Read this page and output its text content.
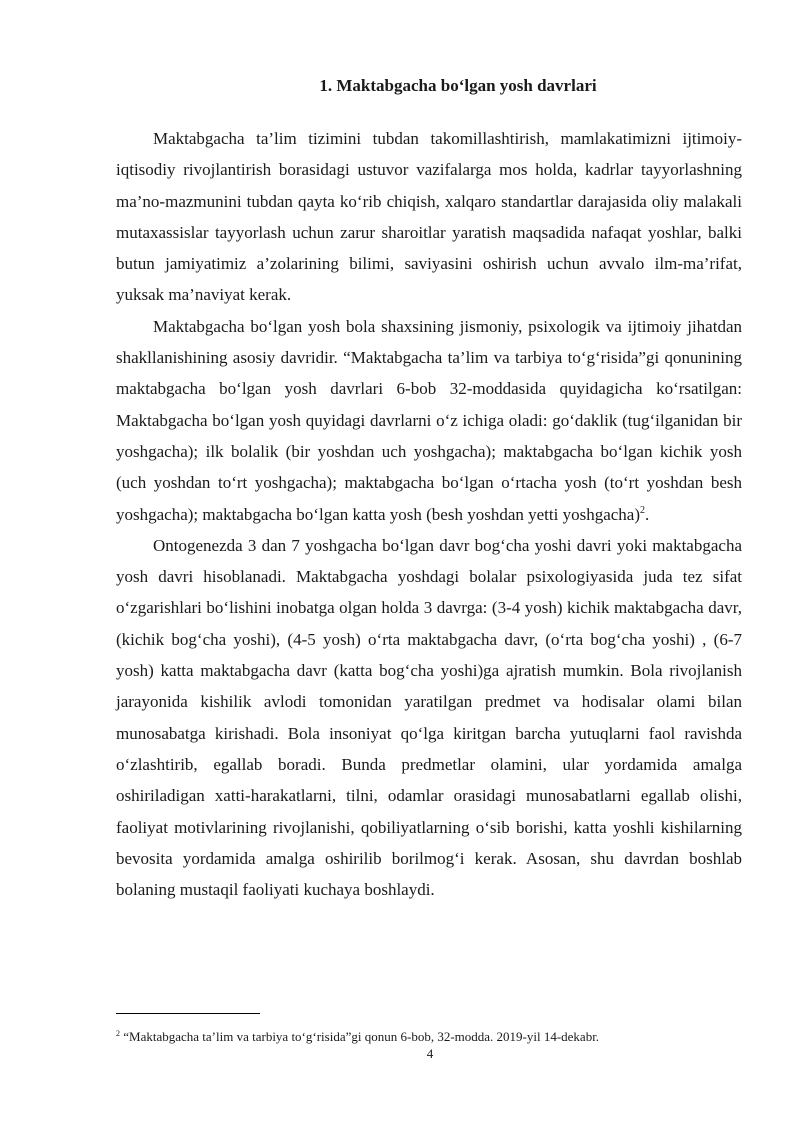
1. Maktabgacha bo‘lgan yosh davrlari

Maktabgacha ta’lim tizimini tubdan takomillashtirish, mamlakatimizni ijtimoiy-iqtisodiy rivojlantirish borasidagi ustuvor vazifalarga mos holda, kadrlar tayyorlashning ma’no-mazmunini tubdan qayta ko‘rib chiqish, xalqaro standartlar darajasida oliy malakali mutaxassislar tayyorlash uchun zarur sharoitlar yaratish maqsadida nafaqat yoshlar, balki butun jamiyatimiz a’zolarining bilimi, saviyasini oshirish uchun avvalo ilm-ma’rifat, yuksak ma’naviyat kerak.

Maktabgacha bo‘lgan yosh bola shaxsining jismoniy, psixologik va ijtimoiy jihatdan shakllanishining asosiy davridir. “Maktabgacha ta’lim va tarbiya to‘g‘risida”gi qonunining maktabgacha bo‘lgan yosh davrlari 6-bob 32-moddasida quyidagicha ko‘rsatilgan: Maktabgacha bo‘lgan yosh quyidagi davrlarni o‘z ichiga oladi: go‘daklik (tug‘ilganidan bir yoshgacha); ilk bolalik (bir yoshdan uch yoshgacha); maktabgacha bo‘lgan kichik yosh (uch yoshdan to‘rt yoshgacha); maktabgacha bo‘lgan o‘rtacha yosh (to‘rt yoshdan besh yoshgacha); maktabgacha bo‘lgan katta yosh (besh yoshdan yetti yoshgacha)$^2$.

Ontogenezda 3 dan 7 yoshgacha bo‘lgan davr bog‘cha yoshi davri yoki maktabgacha yosh davri hisoblanadi. Maktabgacha yoshdagi bolalar psixologiyasida juda tez sifat o‘zgarishlari bo‘lishini inobatga olgan holda 3 davrga: (3-4 yosh) kichik maktabgacha davr, (kichik bog‘cha yoshi), (4-5 yosh) o‘rta maktabgacha davr, (o‘rta bog‘cha yoshi) , (6-7 yosh) katta maktabgacha davr (katta bog‘cha yoshi)ga ajratish mumkin. Bola rivojlanish jarayonida kishilik avlodi tomonidan yaratilgan predmet va hodisalar olami bilan munosabatga kirishadi. Bola insoniyat qo‘lga kiritgan barcha yutuqlarni faol ravishda o‘zlashtirib, egallab boradi. Bunda predmetlar olamini, ular yordamida amalga oshiriladigan xatti-harakatlarni, tilni, odamlar orasidagi munosabatlarni egallab olishi, faoliyat motivlarining rivojlanishi, qobiliyatlarning o‘sib borishi, katta yoshli kishilarning bevosita yordamida amalga oshirilib borilmog‘i kerak. Asosan, shu davrdan boshlab bolaning mustaqil faoliyati kuchaya boshlaydi.

$^2$ “Maktabgacha ta’lim va tarbiya to‘g‘risida”gi qonun 6-bob, 32-modda. 2019-yil 14-dekabr.
4
